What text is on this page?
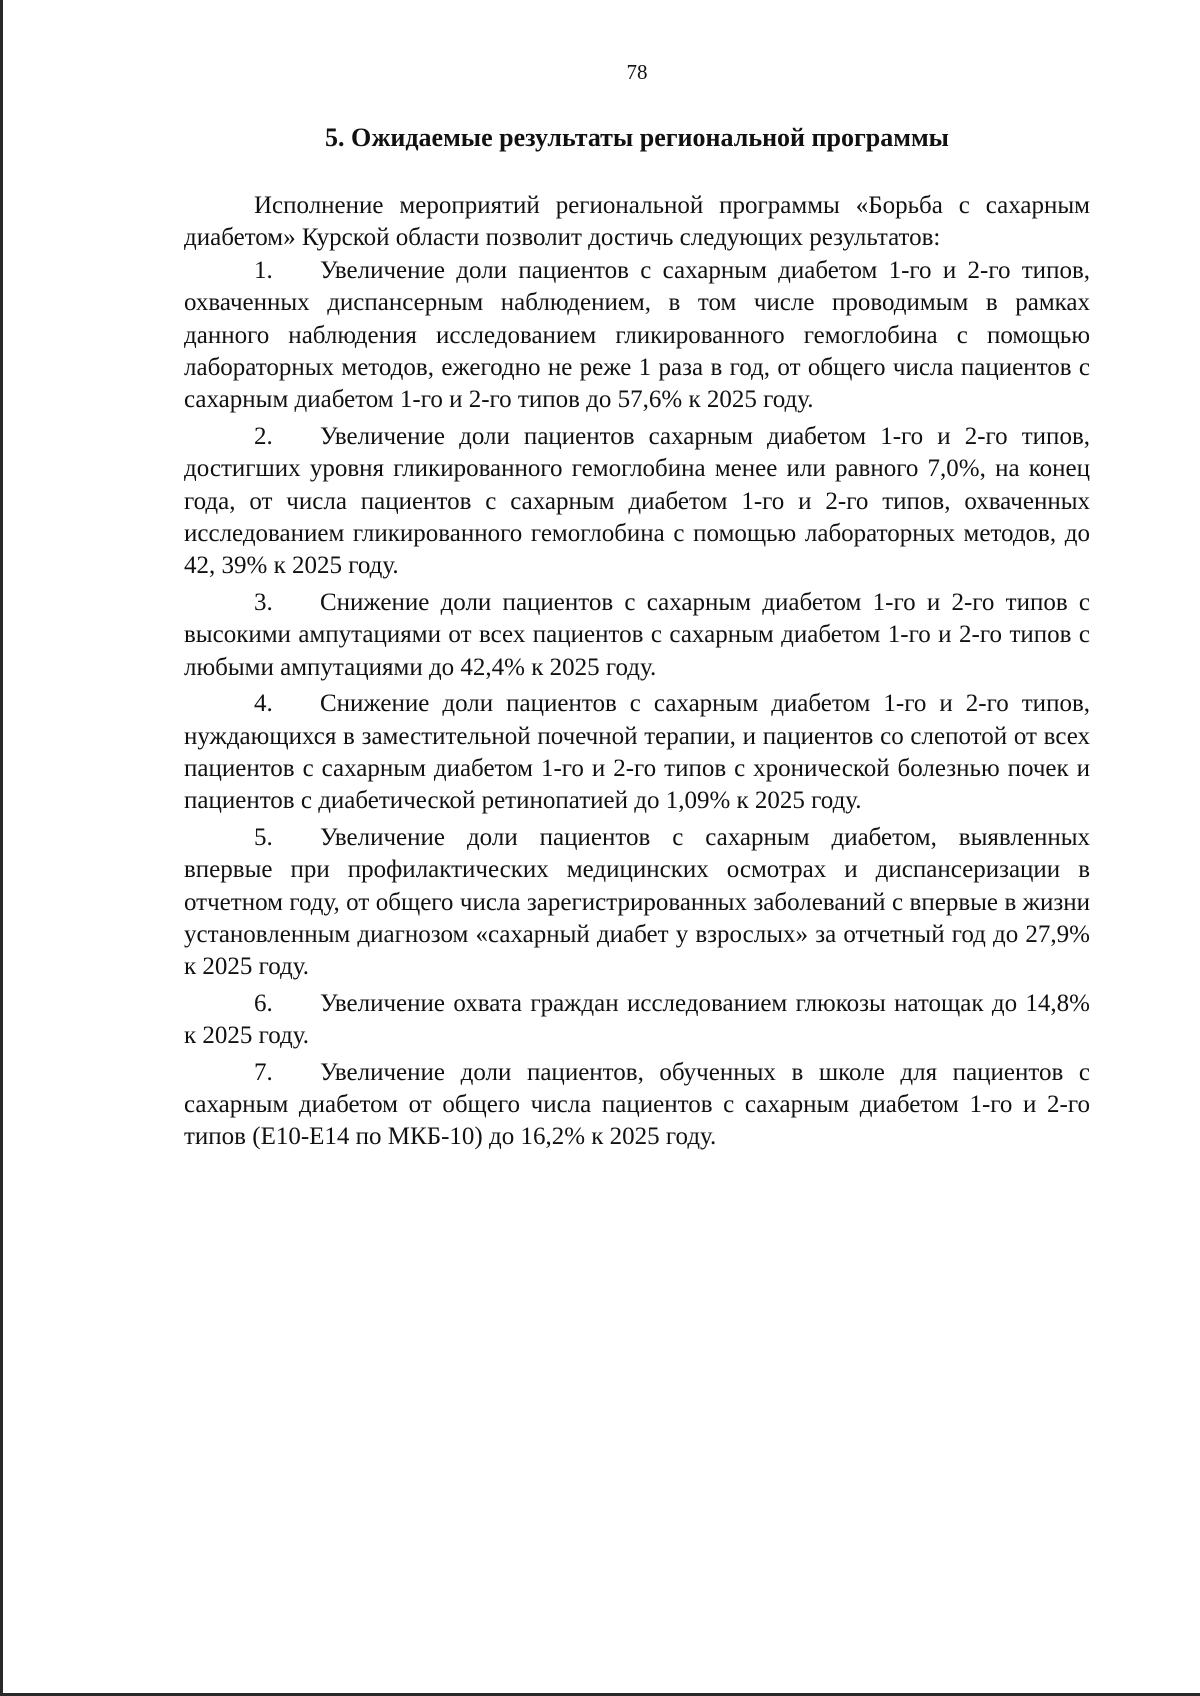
78
5. Ожидаемые результаты региональной программы

Исполнение мероприятий региональной программы «Борьба с сахарным диабетом» Курской области позволит достичь следующих результатов:

1. Увеличение доли пациентов с сахарным диабетом 1-го и 2-го типов, охваченных диспансерным наблюдением, в том числе проводимым в рамках данного наблюдения исследованием гликированного гемоглобина с помощью лабораторных методов, ежегодно не реже 1 раза в год, от общего числа пациентов с сахарным диабетом 1-го и 2-го типов до 57,6% к 2025 году.
2. Увеличение доли пациентов сахарным диабетом 1-го и 2-го типов, достигших уровня гликированного гемоглобина менее или равного 7,0%, на конец года, от числа пациентов с сахарным диабетом 1-го и 2-го типов, охваченных исследованием гликированного гемоглобина с помощью лабораторных методов, до 42, 39% к 2025 году.
3. Снижение доли пациентов с сахарным диабетом 1-го и 2-го типов с высокими ампутациями от всех пациентов с сахарным диабетом 1-го и 2-го типов с любыми ампутациями до 42,4% к 2025 году.
4. Снижение доли пациентов с сахарным диабетом 1-го и 2-го типов, нуждающихся в заместительной почечной терапии, и пациентов со слепотой от всех пациентов с сахарным диабетом 1-го и 2-го типов с хронической болезнью почек и пациентов с диабетической ретинопатией до 1,09% к 2025 году.
5. Увеличение доли пациентов с сахарным диабетом, выявленных впервые при профилактических медицинских осмотрах и диспансеризации в отчетном году, от общего числа зарегистрированных заболеваний с впервые в жизни установленным диагнозом «сахарный диабет у взрослых» за отчетный год до 27,9% к 2025 году.
6. Увеличение охвата граждан исследованием глюкозы натощак до 14,8% к 2025 году.
7. Увеличение доли пациентов, обученных в школе для пациентов с сахарным диабетом от общего числа пациентов с сахарным диабетом 1-го и 2-го типов (Е10-Е14 по МКБ-10) до 16,2% к 2025 году.
